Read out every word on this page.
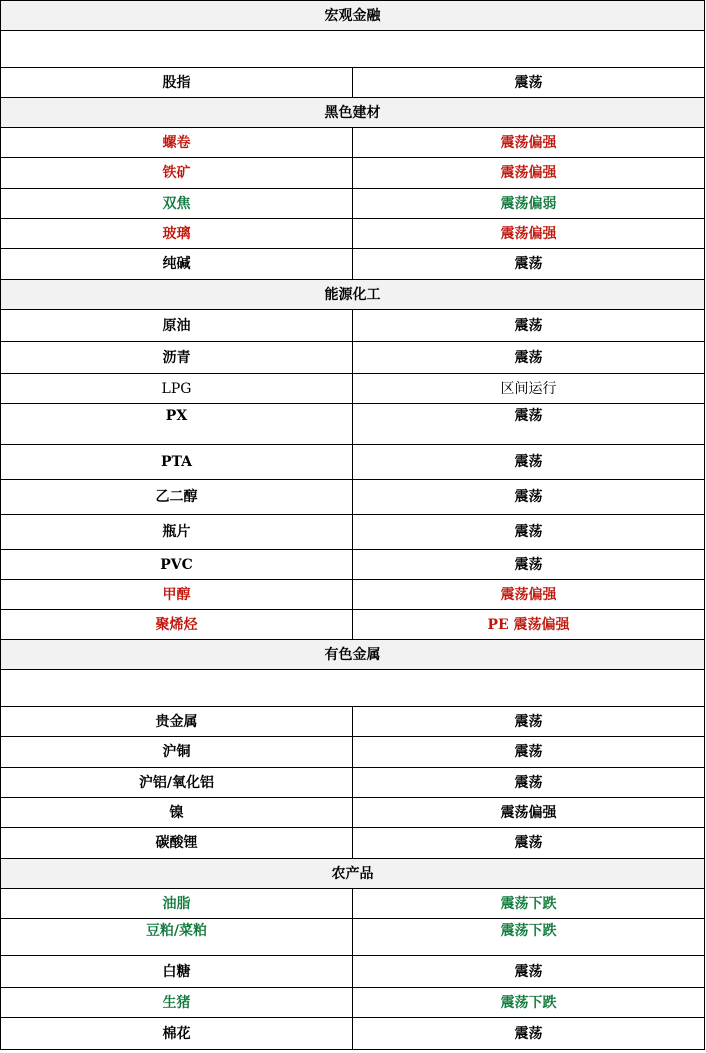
宏观金融	

股指	震荡
黑色建材	
螺卷	震荡偏强
铁矿	震荡偏强
双焦	震荡偏弱
玻璃	震荡偏强
纯碱	震荡
能源化工	
原油	震荡
沥青	震荡
LPG	区间运行
PX	震荡
PTA	震荡
乙二醇	震荡
瓶片	震荡
PVC	震荡
甲醇	震荡偏强
聚烯烃	PE 震荡偏强
有色金属	

贵金属	震荡
沪铜	震荡
沪铝/氧化铝	震荡
镍	震荡偏强
碳酸锂	震荡
农产品	
油脂	震荡下跌
豆粕/菜粕	震荡下跌
白糖	震荡
生猪	震荡下跌
棉花	震荡
